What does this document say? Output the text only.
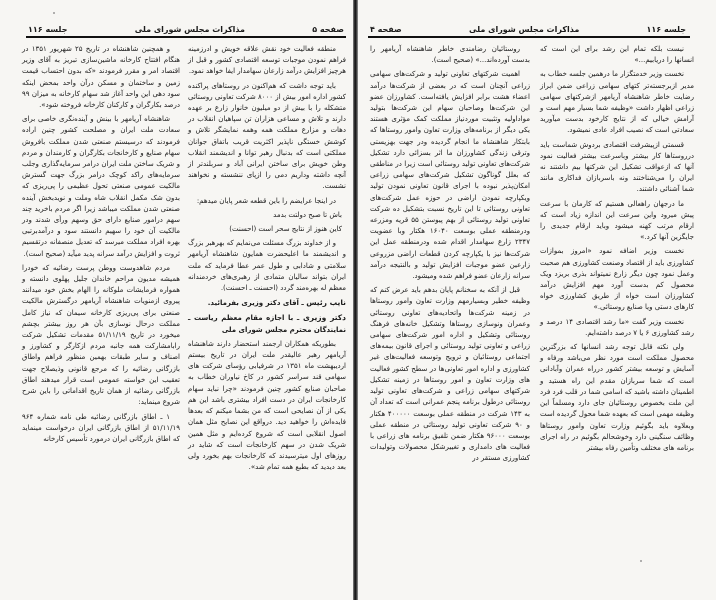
صفحه ۵
مذاکرات مجلس شورای ملی
جلسه ۱۱۶

منطقه فعالیت خود نقش علاقه خویش و ادرزمینه فراهم نمودن موجبات توسعه اقتصادی کشور و قبل از هرچیز افزایش درآمد زارعان سهامدار ایفا خواهد نمود.

باید توجه داشت که هم‌اکنون در روستاهای پراکنده کشور اداره امور بیش از ۸۰۰۰ شرکت تعاونی روستائی متشکله را با بیش از دو میلیون خانوار زارع بر عهده دارند و تلاش و مساعی هزاران تن سپاهیان انقلاب در دهات و مزارع مملکت همه وهمه نمایشگر تلاش و کوشش خستگی ناپذیر اکثریت قریب باتفاق جوانان مملکتی است که بدنبال رهبر توانا و اندیشمند انقلاب وطن خویش برای ساختن ایرانی آباد و سربلندتر از آنچه داشته وداریم دمی را ازپای ننشسته و نخواهند نشست.

در اینجا عرایضم را باین قطعه شعر پایان میدهم:

باش تا صبح دولتت بدمد

کاین هنوز از نتایج سحر است (احسنت)

و از خداوند بزرگ مسئلت می‌نمایم که بهرهبر بزرگ و اندیشمند ما اعلیحضرت همایون شاهنشاه آریامهر سلامتی و شادابی و طول عمر عطا فرماید که ملت ایران بتواند سالیان متمادی از رهبری‌های خردمندانه معظم له بهره‌مند گردد (احسنت ـ احسنت).

نایب رئیس ـ آقای دکتر وزیری بفرمائید.

دکتر وزیری ـ با اجازه مقام معظم ریاست ـ نمایندگان محترم مجلس شورای ملی

بطوریکه همکاران ارجمند استحضار دارند شاهنشاه آریامهر رهبر عالیقدر ملت ایران در تاریخ بیستم اردیبهشت ماه ۱۳۵۱ در شرفیابی رؤسای شرکت های سهامی قند سراسر کشور در کاخ نیاوران خطاب به صاحبان صنایع کشور چنین فرمودند «چرا نباید سهام کارخانجات ایران در دست افراد بیشتری باشد این هم یکی از آن نصایحی است که من بشما میکنم که بعدها فایده‌اش را خواهید دید. درواقع این نصایح مثل همان اصول انقلابی است که شروع کرده‌ایم و مثل همین شریک شدن در سهم کارخانجات است که شاید در روزهای اول میترسیدند که کارخانجات بهم بخورد ولی بعد دیدید که بطبع همه تمام شد».

و همچنین شاهنشاه در تاریخ ۲۵ شهریور ۱۳۵۱ در هنگام افتتاح کارخانه ماشین‌سازی تبریز به آقای وزیر اقتصاد امر و مقرر فرمودند «که بدون احتساب قیمت زمین و ساختمان و مسکن درآن واحد بمحض اینکه سود دهی این واحد آغاز شد سهام کارخانه به میزان ۹۹ درصد بکارگران و کارکنان کارخانه فروخته شود».

شاهنشاه آریامهر با بینش و آینده‌نگری خاصی برای سعادت ملت ایران و مصلحت کشور چنین اراده فرمودند که درسیستم صنعتی شدن مملکت بافروش سهام صنایع و کارخانجات بکارگران و کارمندان و مردم و شریک ساختن ملت ایران درامر سرمایه‌گذاری وجلب سرمایه‌های راکد کوچک درامر بزرگ جهت گسترش مالکیت عمومی صنعتی تحول عظیمی را پی‌ریزی که بدون شک مکمل انقلاب شاه وملت و نویدبخش آینده صنعتی شدن مملکت میباشد زیرا اگر مردم باخرید چند سهم درامور صنایع دارای حق وسهم ورأی شدند ودر مالکیت آن خود را سهیم دانستند سود و درآمدبرتبی بهره افراد مملکت میرسد که تعدیل منصفانه درتقسیم ثروت و افزایش درآمد سرانه پدید میآید (صحیح است).

مردم شاهدوست ووطن پرست رضائیه که خودرا همیشه مدیون مراحم خاندان جلیل پهلوی دانسته و همواره فرمایشات ملوکانه را الهام بخش خود میدانند پیروی ازمنویات شاهنشاه آریامهر درگسترش مالکیت صنعتی برای پی‌ریزی کارخانه سیمان که نیاز کامل مملکت درحال نوسازی بآن هر روز بیشتر بچشم میخورد در تاریخ ۵۱/۱۱/۱۹ مقدمات تشکیل شرکت رابامشارکت همه جانبه مردم ازکارگر و کشاورز و اصناف و سایر طبقات بهمین منظور فراهم واطاق بازرگانی رضائیه را که مرجع قانونی وذیصلاح جهت تعقیب این خواسته عمومی است قرار میدهند اطاق بازرگانی رضائیه از همان تاریخ اقداماتی را باین شرح شروع مینماید:

۱ ـ اطاق بازرگانی رضائیه طی نامه شماره ۹۶۴ ۵۱/۱۱/۱۹ از اطاق بازرگانی ایران درخواست مینماید که اطاق بازرگانی ایران درمورد تأسیس کارخانه

جلسه ۱۱۶
مذاکرات مجلس شورای ملی
صفحه ۴

نیست بلکه تمام این رشد برای این است که انسانها را دریابیم...»

نخست وزیر خدمتگزار ما درهمین جلسه خطاب به مدیر ازبرجسته‌تر کتهای سهامی زراعی ضمن ابراز رضایت خاطر شاهنشاه آریامهر ازشرکتهای سهامی زراعی اظهار داشت «وظیفه شما بسیار مهم است و آرامش خیالی که از نتایج کارخود بدست میآورید سعادتی است که نصیب افراد عادی نمیشود.

قسمتی ازپیشرفت اقتصادی بردوش شماست باید درروستاها کار بیشتر وباسرعت بیشتر فعالیت نمود آنها که ازعواقب تشکیل این شرکتها بیم داشتند نه ایران را می‌شناختند ونه باسربازان فداکاری مانند شما آشنائی داشتند.

ما درجهان راهعالی هستیم که کارمان با سرعت پیش میرود واین سرعت این اندازه زیاد است که ارقام مرتب کهنه میشود وباید ارقام جدیدی را جایگزین آنها کرد.»

نخست وزیر اضافه نمود «امروز بموازات کشاورزی باید از اقتصاد وصنعت کشاورزی هم صحبت وعمل نمود چون دیگر زارع نمیتواند بذری بریزد ویک محصول کم بدست آورد مهم افزایش درآمد کشاورزان است خواه از طریق کشاورزی خواه کارهای دستی ویا صنایع روستائی.»

نخست وزیر گفت «ما رشد اقتصادی ۱۴ درصد و رشد کشاورزی ۶ یا ۷ درصد داشته‌ایم.

ولی نکته قابل توجه رشد انسانها که بزرگترین محصول مملکت است مورد نظر می‌باشد ورفاه و آسایش و توسعه بیشتر کشور درراه عمران وآبادانی است که شما سربازان مقدم این راه هستید و اطمینان داشته باشید که اسامی شما در قلب فرد فرد این ملت بخصوص روستائیان جای دارد ومسلماً این وظیفه مهمی است که بعهده شما محول گردیده است وبعلاوه باید بگوئیم وزارت تعاون وامور روستاها وظائف سنگینی دارد وخوشحالم بگوئیم در راه اجرای برنامه های مختلف وتأمین رفاه بیشتر

روستائیان رضامندی خاطر شاهنشاه آریامهر را بدست آورده‌اند...» (صحیح است).

اهمیت شرکتهای تعاونی تولید و شرکت‌های سهامی زراعی آنچنان است که در بعضی از شرکت‌ها درآمد اعضاء هشت برابر افزایش یافته‌است. کشاورزان عضو این شرکت‌ها وصاحبان سهام این شرکت‌ها بتولید مواداولیه وتثبیت موردنیاز مملکت کمک مؤثری هستند یکی دیگر از برنامه‌های وزارت تعاون وامور روستاها که بابتکار شاهنشاه ما انجام گردیده ودر جهت بهزیستی وترقی زندگی کشاورزان ما اثر بسزائی دارد تشکیل شرکت‌های تعاونی تولید روستائی است زیرا در مناطقی که بعلل گوناگون تشکیل شرکت‌های سهامی زراعی امکان‌پذیر نبوده با اجرای قانون تعاونی نمودن تولید ویکپارچه نمودن اراضی در حوزه عمل شرکت‌های تعاونی روستائی تا این تاریخ نسبت بتشکیل ده شرکت تعاونی تولید روستائی از بهم پیوستن ۵۵ قریه ومزرعه ودرمنطقه عملی بوسعت ۱۶۰۴۰ هکتار وبا عضویت ۲۳۴۷ زارع سهامدار اقدام شده ودرمنطقه عمل این شرکت‌ها نیز با یکپارچه کردن قطعات اراضی مزروعی زارعین عضو موجبات افزایش تولید و بالنتیجه درآمد سرانه زارعان عضو فراهم شده ومیشود.

قبل از آنکه به سخنانم پایان بدهم باید عرض کنم که وظیفه خطیر وبسیارمهم وزارت تعاون وامور روستاها در زمینه شرکت‌ها واتحادیه‌های تعاونی روستائی وعمران ونوسازی روستاها وتشکیل خانه‌های فرهنگ روستائی وتشکیل و اداره امور شرکت‌های سهامی زراعی و تعاونی تولید روستائی و اجرای قانون بیمه‌های اجتماعی روستائیان و ترویج وتوسعه فعالیت‌های غیر کشاورزی و اداره امور تعاونی‌ها در سطح کشور فعالیت های وزارت تعاون و امور روستاها در زمینه تشکیل شرکتهای سهامی زراعی و شرکت‌های تعاونی تولید روستائی درطول برنامه پنجم عمرانی است که تعداد آن به ۱۴۳ شرکت در منطقه عملی بوسعت ۴۰۰۰۰۰ هکتار و ۹۰ شرکت تعاونی تولید روستائی در منطقه عملی بوسعت ۹۶۰۰۰ هکتار ضمن تلفیق برنامه های زراعی با فعالیت های دامداری و تغییرشکل محصولات وتولیدات کشاورزی مستقر در
